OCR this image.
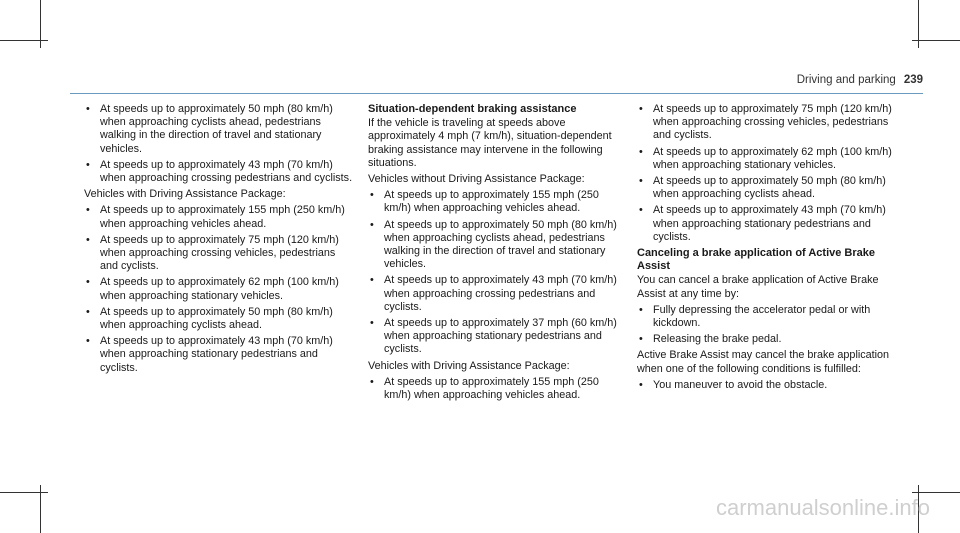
Driving and parking 239
• At speeds up to approximately 50 mph (80 km/h) when approaching cyclists ahead, pedestrians walking in the direction of travel and stationary vehicles.
• At speeds up to approximately 43 mph (70 km/h) when approaching crossing pedestrians and cyclists.

Vehicles with Driving Assistance Package:

• At speeds up to approximately 155 mph (250 km/h) when approaching vehicles ahead.
• At speeds up to approximately 75 mph (120 km/h) when approaching crossing vehicles, pedestrians and cyclists.
• At speeds up to approximately 62 mph (100 km/h) when approaching stationary vehicles.
• At speeds up to approximately 50 mph (80 km/h) when approaching cyclists ahead.
• At speeds up to approximately 43 mph (70 km/h) when approaching stationary pedestrians and cyclists.
Situation-dependent braking assistance

If the vehicle is traveling at speeds above approximately 4 mph (7 km/h), situation-dependent braking assistance may intervene in the following situations.

Vehicles without Driving Assistance Package:

• At speeds up to approximately 155 mph (250 km/h) when approaching vehicles ahead.
• At speeds up to approximately 50 mph (80 km/h) when approaching cyclists ahead, pedestrians walking in the direction of travel and stationary vehicles.
• At speeds up to approximately 43 mph (70 km/h) when approaching crossing pedestrians and cyclists.
• At speeds up to approximately 37 mph (60 km/h) when approaching stationary pedestrians and cyclists.

Vehicles with Driving Assistance Package:

• At speeds up to approximately 155 mph (250 km/h) when approaching vehicles ahead.
• At speeds up to approximately 75 mph (120 km/h) when approaching crossing vehicles, pedestrians and cyclists.
• At speeds up to approximately 62 mph (100 km/h) when approaching stationary vehicles.
• At speeds up to approximately 50 mph (80 km/h) when approaching cyclists ahead.
• At speeds up to approximately 43 mph (70 km/h) when approaching stationary pedestrians and cyclists.
Canceling a brake application of Active Brake Assist

You can cancel a brake application of Active Brake Assist at any time by:

• Fully depressing the accelerator pedal or with kickdown.
• Releasing the brake pedal.

Active Brake Assist may cancel the brake application when one of the following conditions is fulfilled:

• You maneuver to avoid the obstacle.
carmanualsonline.info
